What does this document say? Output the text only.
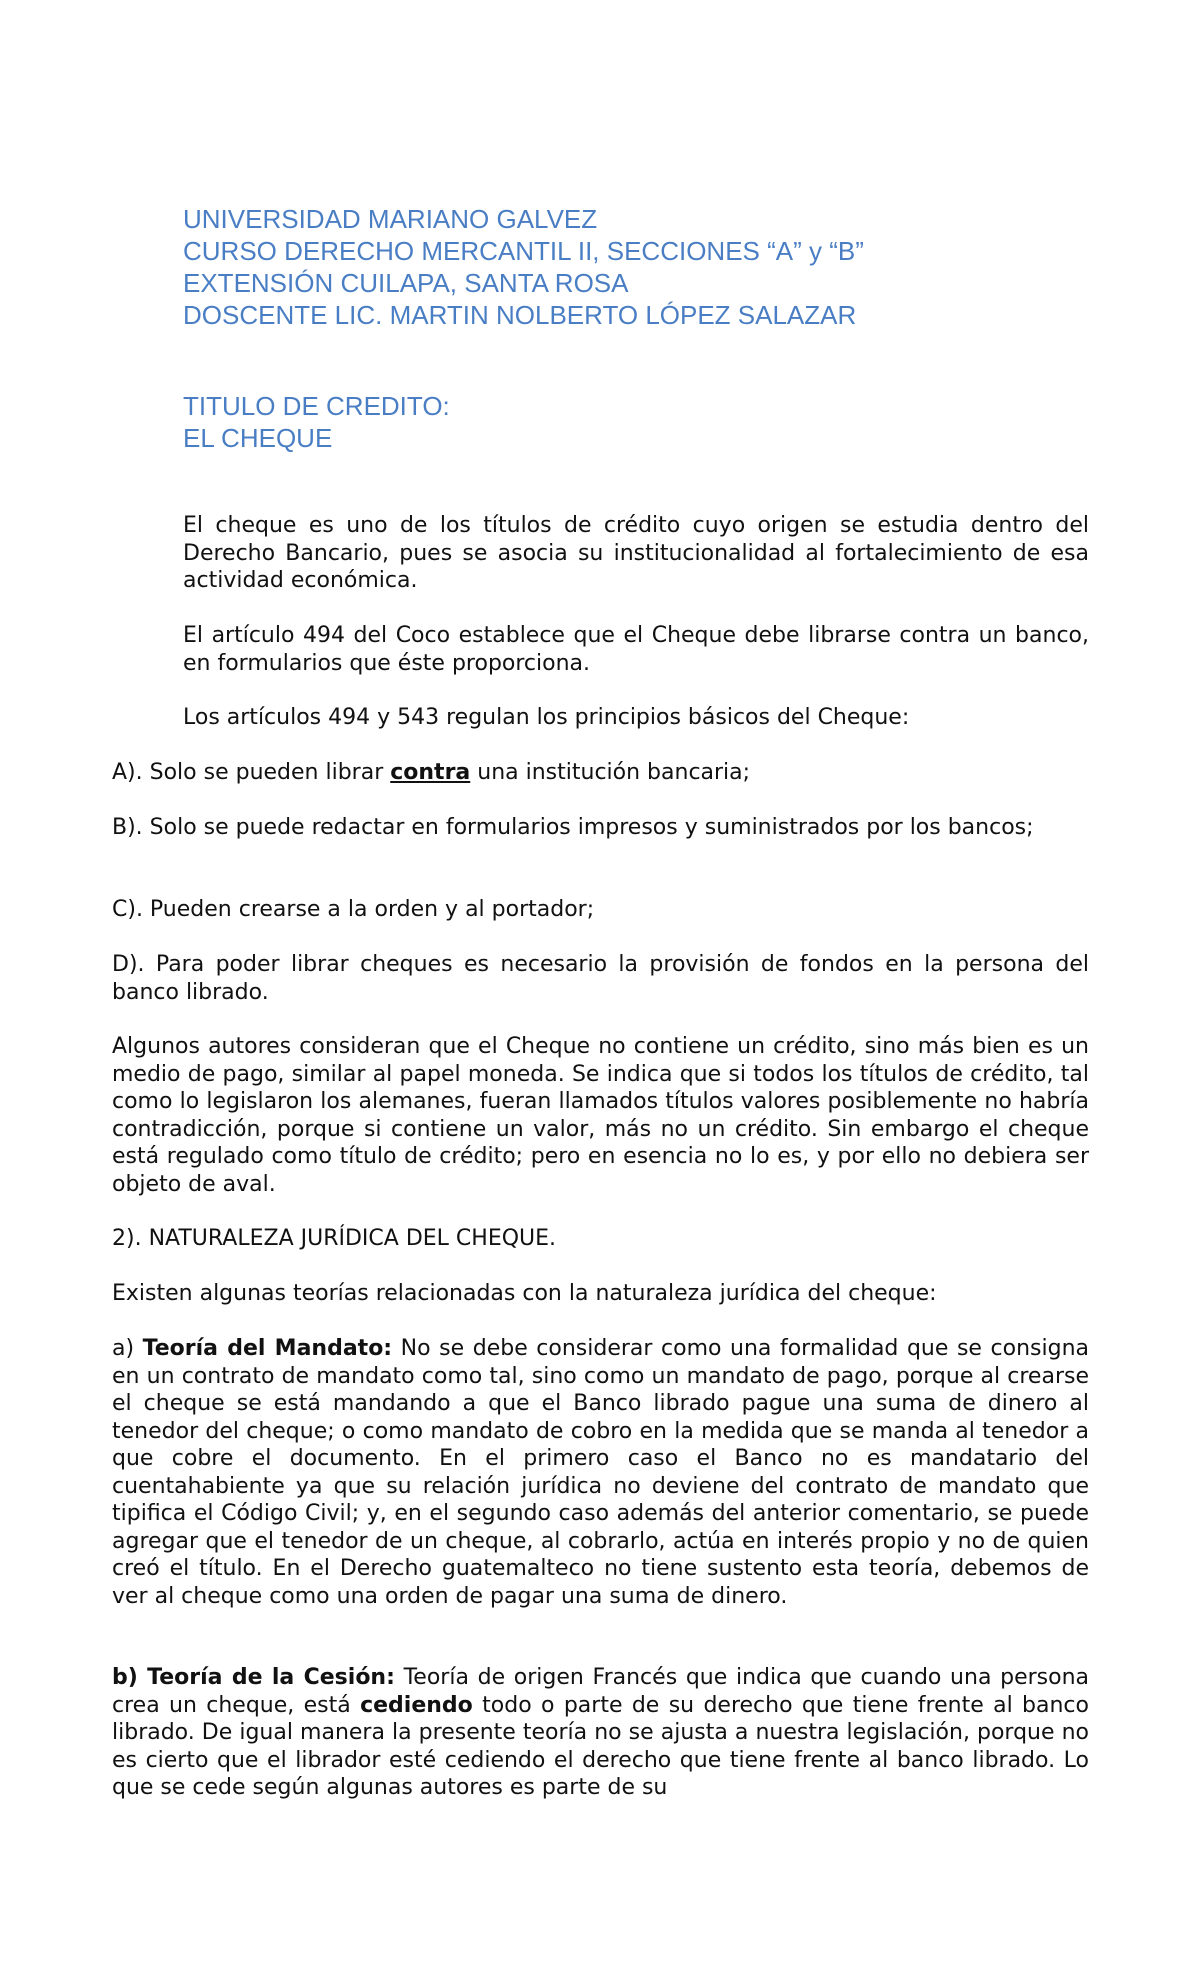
UNIVERSIDAD MARIANO GALVEZ
CURSO DERECHO MERCANTIL II, SECCIONES “A” y “B”
EXTENSIÓN CUILAPA, SANTA ROSA
DOSCENTE LIC. MARTIN NOLBERTO LÓPEZ SALAZAR
TITULO DE CREDITO:
EL CHEQUE

El cheque es uno de los títulos de crédito cuyo origen se estudia dentro del Derecho Bancario, pues se asocia su institucionalidad al fortalecimiento de esa actividad económica.

El artículo 494 del Coco establece que el Cheque debe librarse contra un banco, en formularios que éste proporciona.

Los artículos 494 y 543 regulan los principios básicos del Cheque:

A). Solo se pueden librar contra una institución bancaria;

B). Solo se puede redactar en formularios impresos y suministrados por los bancos;

C). Pueden crearse a la orden y al portador;

D). Para poder librar cheques es necesario la provisión de fondos en la persona del banco librado.

Algunos autores consideran que el Cheque no contiene un crédito, sino más bien es un medio de pago, similar al papel moneda. Se indica que si todos los títulos de crédito, tal como lo legislaron los alemanes, fueran llamados títulos valores posiblemente no habría contradicción, porque si contiene un valor, más no un crédito. Sin embargo el cheque está regulado como título de crédito; pero en esencia no lo es, y por ello no debiera ser objeto de aval.

2). NATURALEZA JURÍDICA DEL CHEQUE.

Existen algunas teorías relacionadas con la naturaleza jurídica del cheque:

a) Teoría del Mandato: No se debe considerar como una formalidad que se consigna en un contrato de mandato como tal, sino como un mandato de pago, porque al crearse el cheque se está mandando a que el Banco librado pague una suma de dinero al tenedor del cheque; o como mandato de cobro en la medida que se manda al tenedor a que cobre el documento. En el primero caso el Banco no es mandatario del cuentahabiente ya que su relación jurídica no deviene del contrato de mandato que tipifica el Código Civil; y, en el segundo caso además del anterior comentario, se puede agregar que el tenedor de un cheque, al cobrarlo, actúa en interés propio y no de quien creó el título. En el Derecho guatemalteco no tiene sustento esta teoría, debemos de ver al cheque como una orden de pagar una suma de dinero.

b) Teoría de la Cesión: Teoría de origen Francés que indica que cuando una persona crea un cheque, está cediendo todo o parte de su derecho que tiene frente al banco librado. De igual manera la presente teoría no se ajusta a nuestra legislación, porque no es cierto que el librador esté cediendo el derecho que tiene frente al banco librado. Lo que se cede según algunas autores es parte de su
